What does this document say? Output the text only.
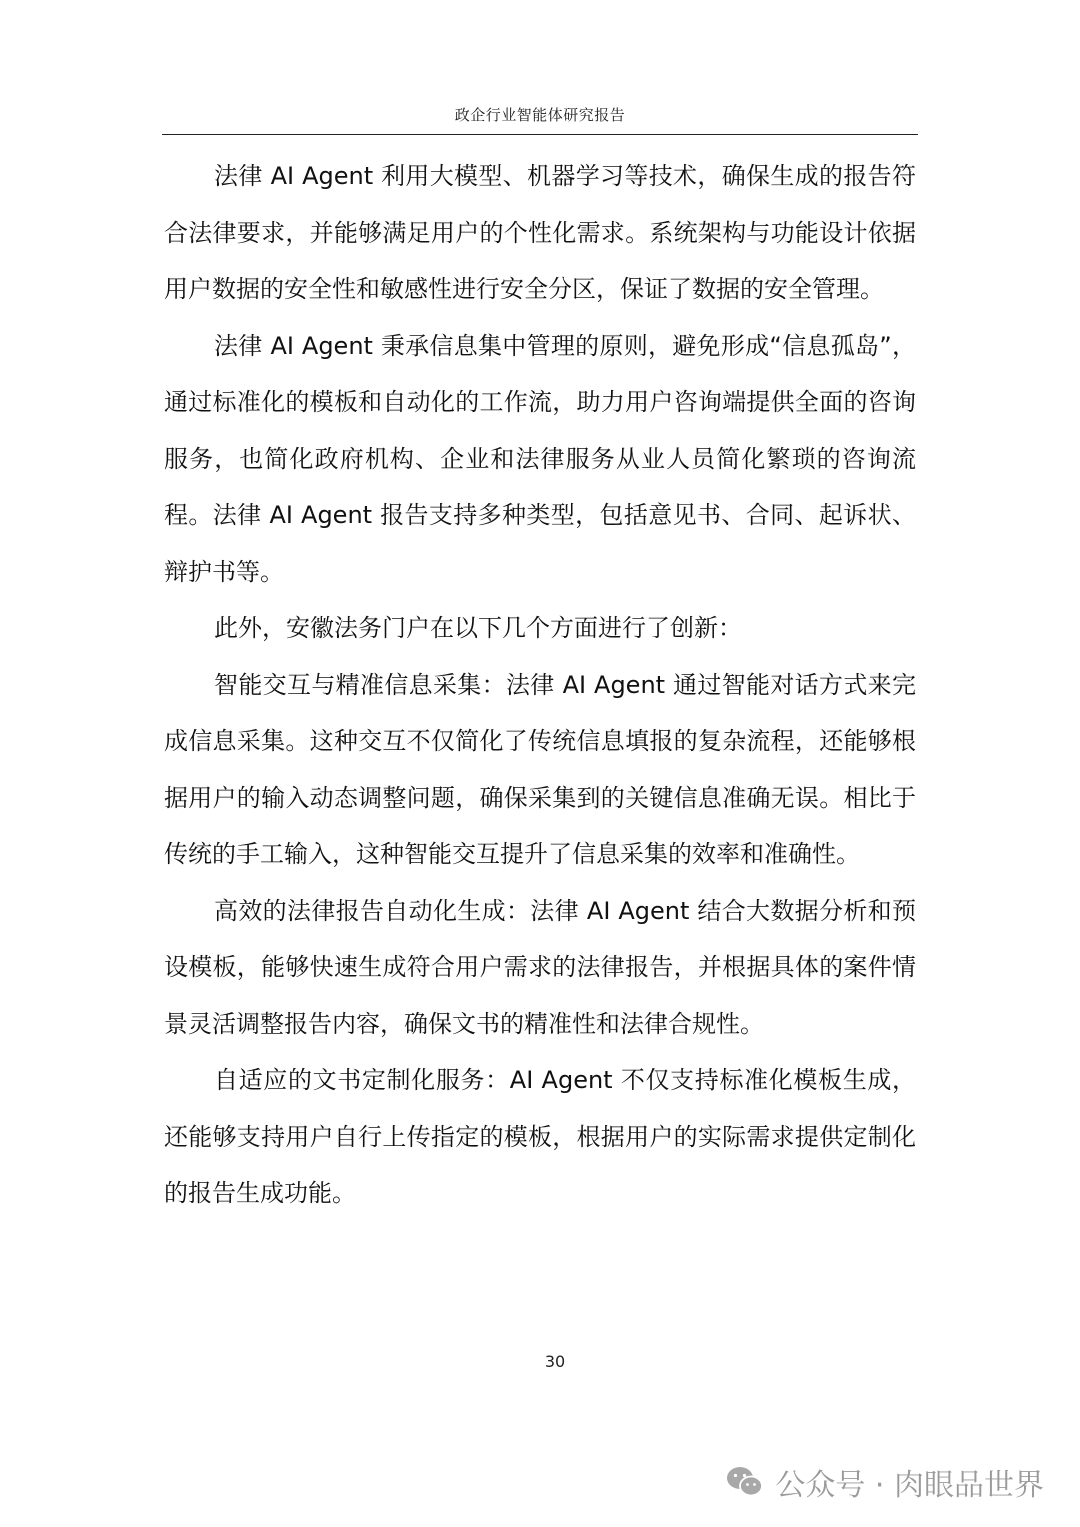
政企行业智能体研究报告

法律 AI Agent 利用大模型、机器学习等技术，确保生成的报告符合法律要求，并能够满足用户的个性化需求。系统架构与功能设计依据用户数据的安全性和敏感性进行安全分区，保证了数据的安全管理。

法律 AI Agent 秉承信息集中管理的原则，避免形成“信息孤岛”，通过标准化的模板和自动化的工作流，助力用户咨询端提供全面的咨询服务，也简化政府机构、企业和法律服务从业人员简化繁琐的咨询流程。法律 AI Agent 报告支持多种类型，包括意见书、合同、起诉状、辩护书等。

此外，安徽法务门户在以下几个方面进行了创新：

智能交互与精准信息采集：法律 AI Agent 通过智能对话方式来完成信息采集。这种交互不仅简化了传统信息填报的复杂流程，还能够根据用户的输入动态调整问题，确保采集到的关键信息准确无误。相比于传统的手工输入，这种智能交互提升了信息采集的效率和准确性。

高效的法律报告自动化生成：法律 AI Agent 结合大数据分析和预设模板，能够快速生成符合用户需求的法律报告，并根据具体的案件情景灵活调整报告内容，确保文书的精准性和法律合规性。

自适应的文书定制化服务：AI Agent 不仅支持标准化模板生成，还能够支持用户自行上传指定的模板，根据用户的实际需求提供定制化的报告生成功能。

30
公众号 · 肉眼品世界
